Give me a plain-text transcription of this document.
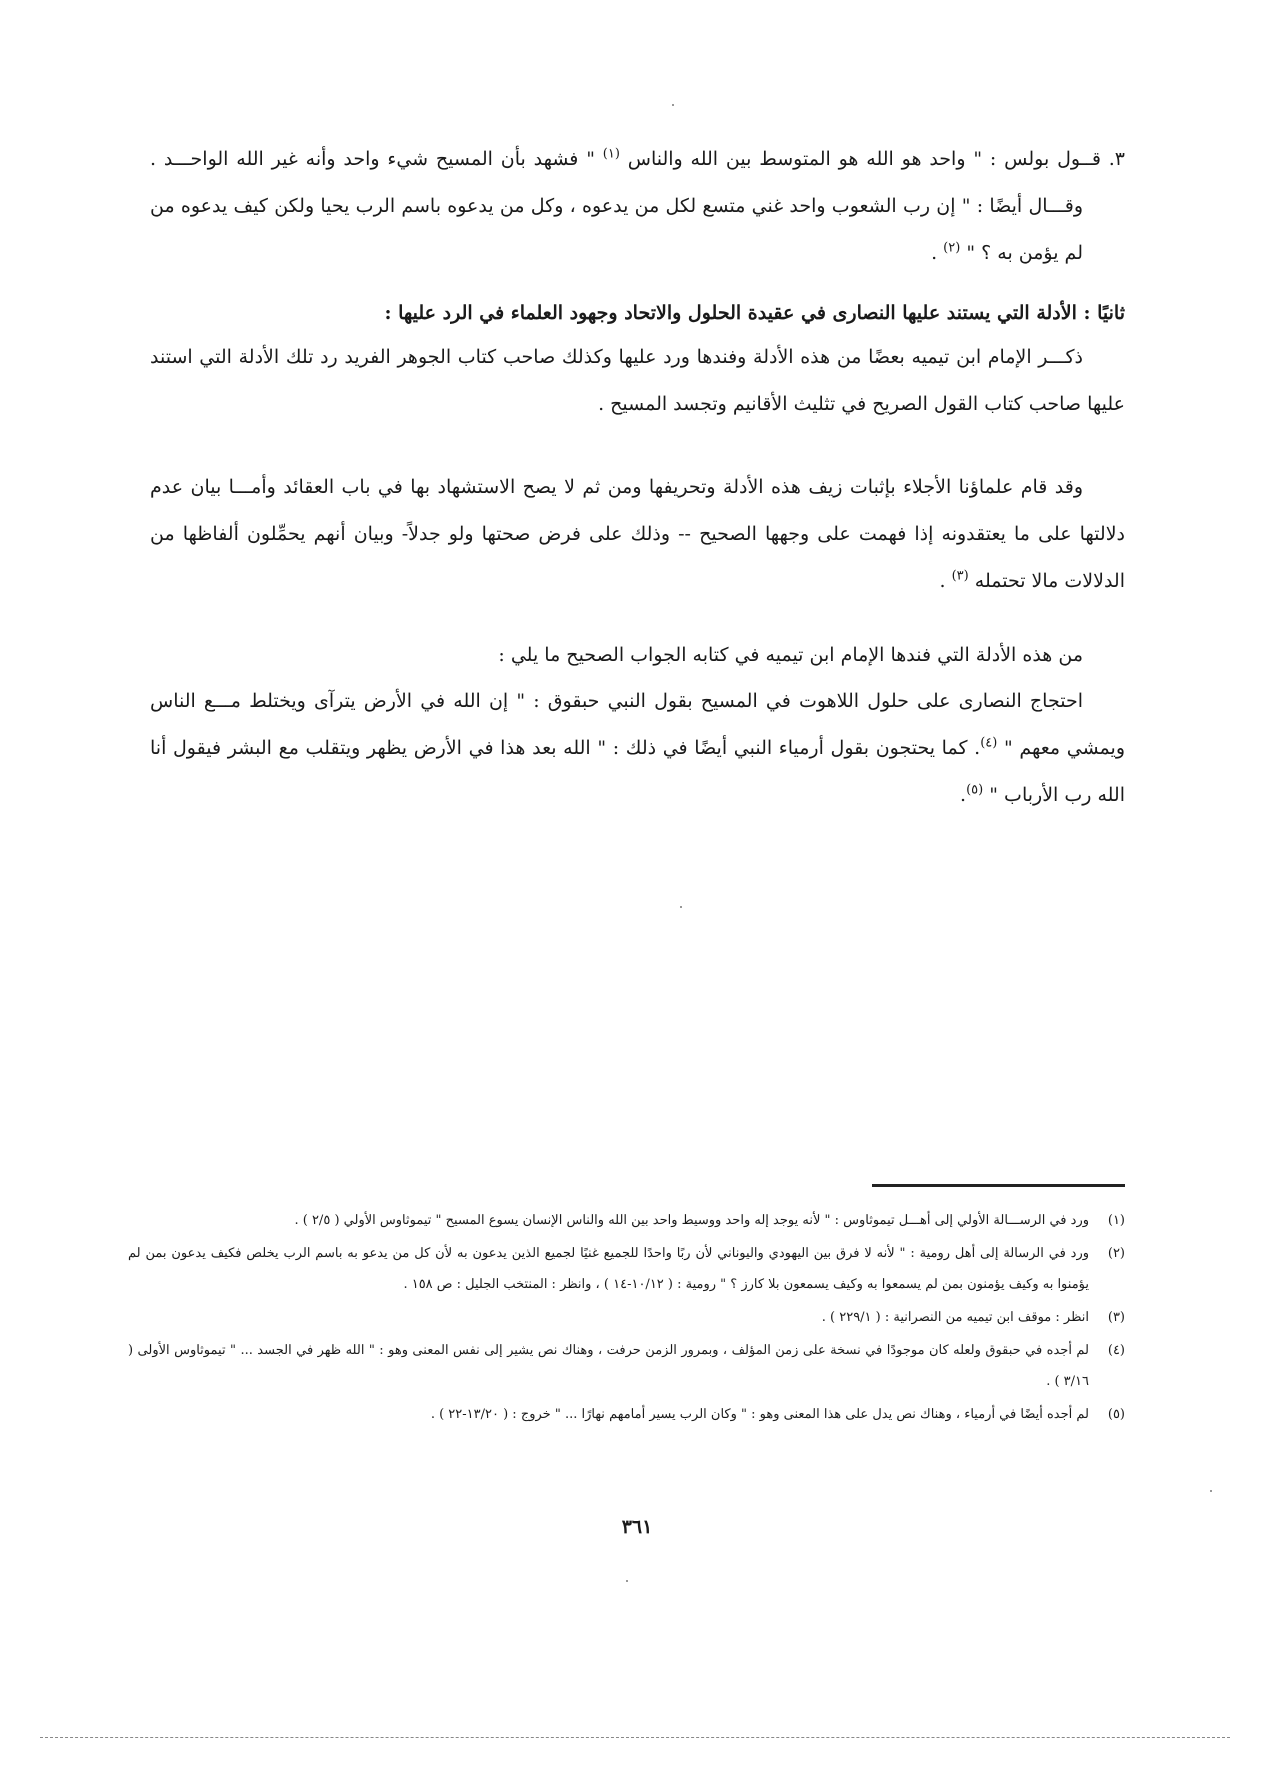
٣. قــول بولس : " واحد هو الله هو المتوسط بين الله والناس $^{(١)}$ " فشهد بأن المسيح شيء واحد وأنه غير الله الواحـــد . وقـــال أيضًا : " إن رب الشعوب واحد غني متسع لكل من يدعوه ، وكل من يدعوه باسم الرب يحيا ولكن كيف يدعوه من لم يؤمن به ؟ " $^{(٢)}$ .

ثانيًا : الأدلة التي يستند عليها النصارى في عقيدة الحلول والاتحاد وجهود العلماء في الرد عليها :

ذكـــر الإمام ابن تيميه بعضًا من هذه الأدلة وفندها ورد عليها وكذلك صاحب كتاب الجوهر الفريد رد تلك الأدلة التي استند عليها صاحب كتاب القول الصريح في تثليث الأقانيم وتجسد المسيح .

وقد قام علماؤنا الأجلاء بإثبات زيف هذه الأدلة وتحريفها ومن ثم لا يصح الاستشهاد بها في باب العقائد وأمـــا بيان عدم دلالتها على ما يعتقدونه إذا فهمت على وجهها الصحيح -- وذلك على فرض صحتها ولو جدلاً- وبيان أنهم يحمِّلون ألفاظها من الدلالات مالا تحتمله $^{(٣)}$ .

من هذه الأدلة التي فندها الإمام ابن تيميه في كتابه الجواب الصحيح ما يلي :

احتجاج النصارى على حلول اللاهوت في المسيح بقول النبي حبقوق : " إن الله في الأرض يترآى ويختلط مـــع الناس ويمشي معهم " $^{(٤)}$. كما يحتجون بقول أرمياء النبي أيضًا في ذلك : " الله بعد هذا في الأرض يظهر ويتقلب مع البشر فيقول أنا الله رب الأرباب " $^{(٥)}$.

(١)ورد في الرســـالة الأولي إلى أهـــل تيموثاوس : " لأنه يوجد إله واحد ووسيط واحد بين الله والناس الإنسان يسوع المسيح " تيموثاوس الأولي ( ٢/٥ ) .

(٢)ورد في الرسالة إلى أهل رومية : " لأنه لا فرق بين اليهودي واليوناني لأن ربًا واحدًا للجميع غنيًا لجميع الذين يدعون به لأن كل من يدعو به باسم الرب يخلص فكيف يدعون بمن لم يؤمنوا به وكيف يؤمنون بمن لم يسمعوا به وكيف يسمعون بلا كارز ؟ " رومية : ( ١٠/١٢-١٤ ) ، وانظر : المنتخب الجليل : ص ١٥٨ .

(٣)انظر : موقف ابن تيميه من النصرانية : ( ٢٢٩/١ ) .

(٤)لم أجده في حبقوق ولعله كان موجودًا في نسخة على زمن المؤلف ، وبمرور الزمن حرفت ، وهناك نص يشير إلى نفس المعنى وهو : " الله ظهر في الجسد ... " تيموثاوس الأولى ( ٣/١٦ ) .

(٥)لم أجده أيضًا في أرمياء ، وهناك نص يدل على هذا المعنى وهو : " وكان الرب يسير أمامهم نهارًا ... " خروج : ( ١٣/٢٠-٢٢ ) .

٣٦١
